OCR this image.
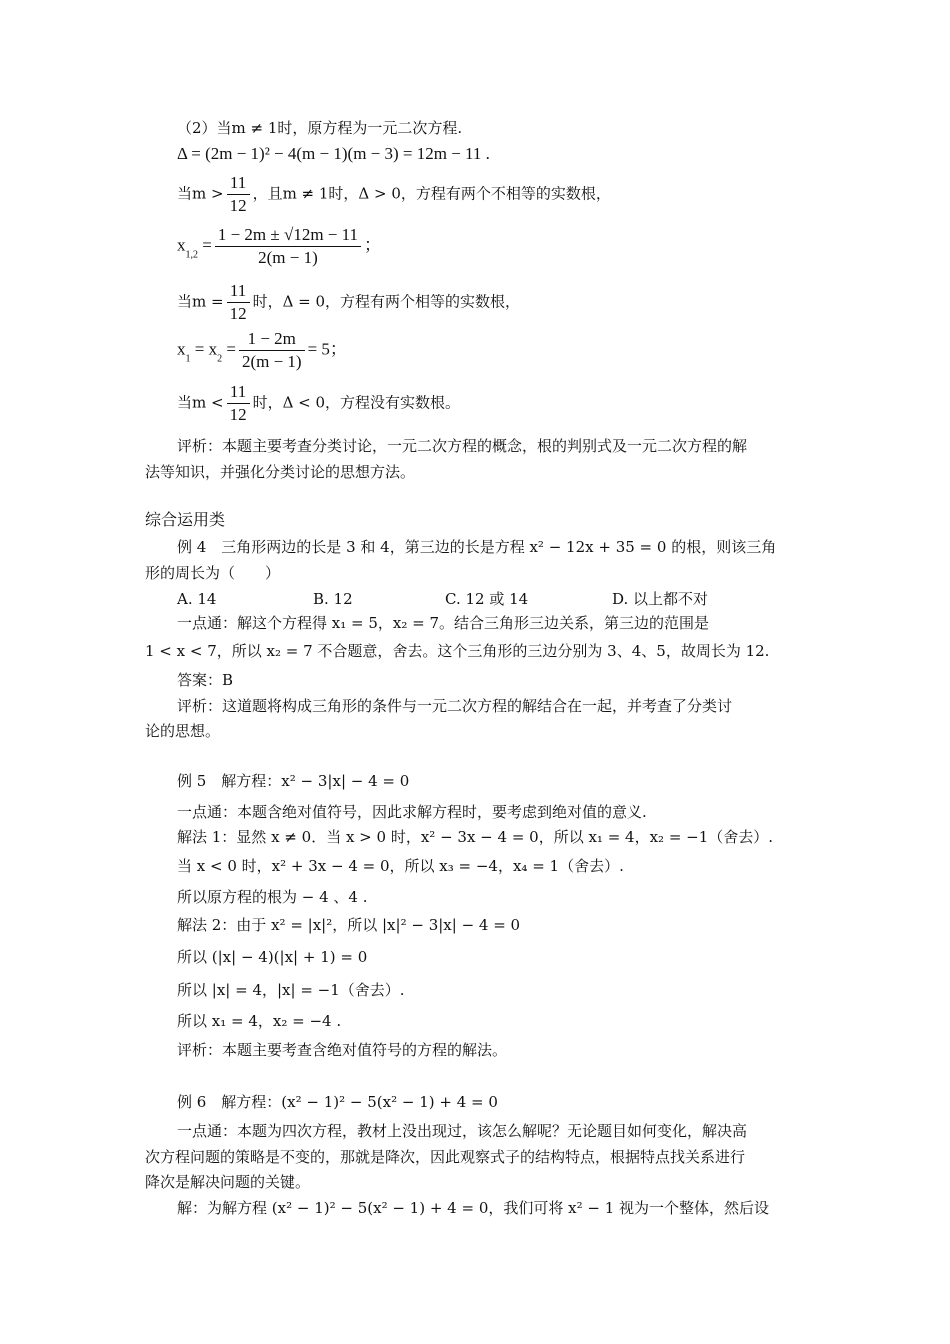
（2）当m ≠ 1时，原方程为一元二次方程.
Δ = (2m − 1)² − 4(m − 1)(m − 3) = 12m − 11 .
当$m > \frac{11}{12}$ ，且m ≠ 1时，Δ > 0，方程有两个不相等的实数根，
$x_{1,2} = \frac{1 - 2m \pm √12m - 11}{2(m - 1)}$ ；
当$m = \frac{11}{12}$ 时，Δ = 0，方程有两个相等的实数根，
$x_1 = x_2 = \frac{1 - 2m}{2(m - 1)} = 5$；
当$m < \frac{11}{12}$ 时，Δ < 0，方程没有实数根。
评析：本题主要考查分类讨论，一元二次方程的概念，根的判别式及一元二次方程的解
法等知识，并强化分类讨论的思想方法。
综合运用类
例 4　三角形两边的长是 3 和 4，第三边的长是方程 x² − 12x + 35 = 0 的根，则该三角
形的周长为（　　）
A. 14	B. 12	C. 12 或 14	D. 以上都不对
一点通：解这个方程得 x₁ = 5，x₂ = 7。结合三角形三边关系，第三边的范围是
1 < x < 7，所以 x₂ = 7 不合题意，舍去。这个三角形的三边分别为 3、4、5，故周长为 12.
答案：B
评析：这道题将构成三角形的条件与一元二次方程的解结合在一起，并考查了分类讨
论的思想。
例 5　解方程：x² − 3|x| − 4 = 0
一点通：本题含绝对值符号，因此求解方程时，要考虑到绝对值的意义.
解法 1：显然 x ≠ 0．当 x > 0 时，x² − 3x − 4 = 0，所以 x₁ = 4，x₂ = −1（舍去）.
当 x < 0 时，x² + 3x − 4 = 0，所以 x₃ = −4，x₄ = 1（舍去）.
所以原方程的根为 − 4 、4 .
解法 2：由于 x² = |x|²，所以 |x|² − 3|x| − 4 = 0
所以 (|x| − 4)(|x| + 1) = 0
所以 |x| = 4，|x| = −1（舍去）.
所以 x₁ = 4，x₂ = −4 .
评析：本题主要考查含绝对值符号的方程的解法。
例 6　解方程：(x² − 1)² − 5(x² − 1) + 4 = 0
一点通：本题为四次方程，教材上没出现过，该怎么解呢？无论题目如何变化，解决高
次方程问题的策略是不变的，那就是降次，因此观察式子的结构特点，根据特点找关系进行
降次是解决问题的关键。
解：为解方程 (x² − 1)² − 5(x² − 1) + 4 = 0，我们可将 x² − 1 视为一个整体，然后设
